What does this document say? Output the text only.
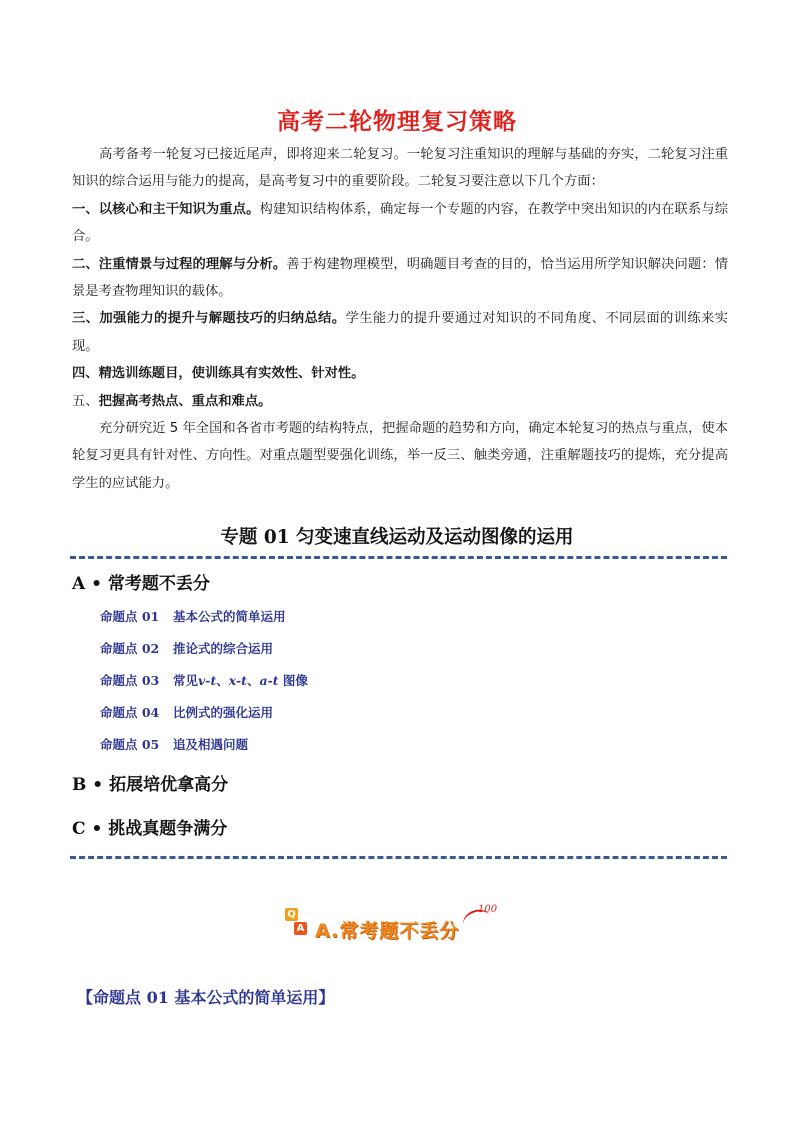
高考二轮物理复习策略

高考备考一轮复习已接近尾声，即将迎来二轮复习。一轮复习注重知识的理解与基础的夯实，二轮复习注重知识的综合运用与能力的提高，是高考复习中的重要阶段。二轮复习要注意以下几个方面：

一、以核心和主干知识为重点。构建知识结构体系，确定每一个专题的内容，在教学中突出知识的内在联系与综合。

二、注重情景与过程的理解与分析。善于构建物理模型，明确题目考查的目的，恰当运用所学知识解决问题：情景是考查物理知识的载体。

三、加强能力的提升与解题技巧的归纳总结。学生能力的提升要通过对知识的不同角度、不同层面的训练来实现。

四、精选训练题目，使训练具有实效性、针对性。

五、把握高考热点、重点和难点。

充分研究近 5 年全国和各省市考题的结构特点，把握命题的趋势和方向，确定本轮复习的热点与重点，使本轮复习更具有针对性、方向性。对重点题型要强化训练，举一反三、触类旁通，注重解题技巧的提炼，充分提高学生的应试能力。

专题 01 匀变速直线运动及运动图像的运用
A • 常考题不丢分
命题点 01 基本公式的简单运用
命题点 02 推论式的综合运用
命题点 03 常见v-t、x-t、a-t 图像
命题点 04 比例式的强化运用
命题点 05 追及相遇问题
B • 拓展培优拿高分
C • 挑战真题争满分
Q
A A.常考题不丢分
100
【命题点 01 基本公式的简单运用】
